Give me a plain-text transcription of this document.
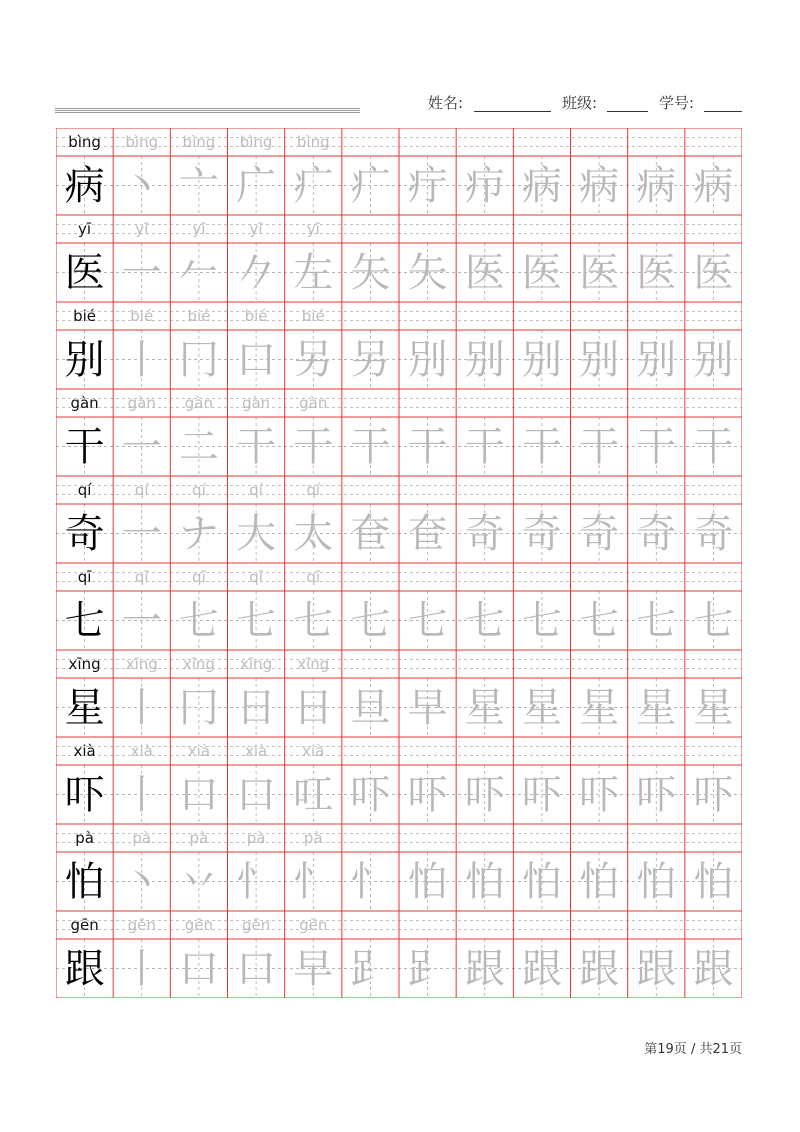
姓名:	班级:	学号:
bìng	bìng	bìng	bìng	bìng
病 丶 亠 广 疒 疒 疔 疖 病 病 病 病
yī	yī	yī	yī	yī
医 一 𠂉 𠂊 左 矢 矢 医 医 医 医 医
bié	bié	bié	bié	bié
别 丨 冂 口 另 另 別 别 别 别 别 别
gàn	gàn	gàn	gàn	gàn
干 一 二 干 干 干 干 干 干 干 干 干
qí	qí	qí	qí	qí
奇 一 ナ 大 太 奆 奆 奇 奇 奇 奇 奇
qī	qī	qī	qī	qī
七 一 七 七 七 七 七 七 七 七 七 七
xīng	xīng	xīng	xīng	xīng
星 丨 冂 日 日 旦 早 星 星 星 星 星
xià	xià	xià	xià	xià
吓 丨 口 口 叿 吓 吓 吓 吓 吓 吓 吓
pà	pà	pà	pà	pà
怕 丶 丷 忄 忄 忄 怕 怕 怕 怕 怕 怕
gēn	gēn	gēn	gēn	gēn
跟 丨 口 口 早 𧾷 𧾷 跟 跟 跟 跟 跟
第19页 / 共21页
